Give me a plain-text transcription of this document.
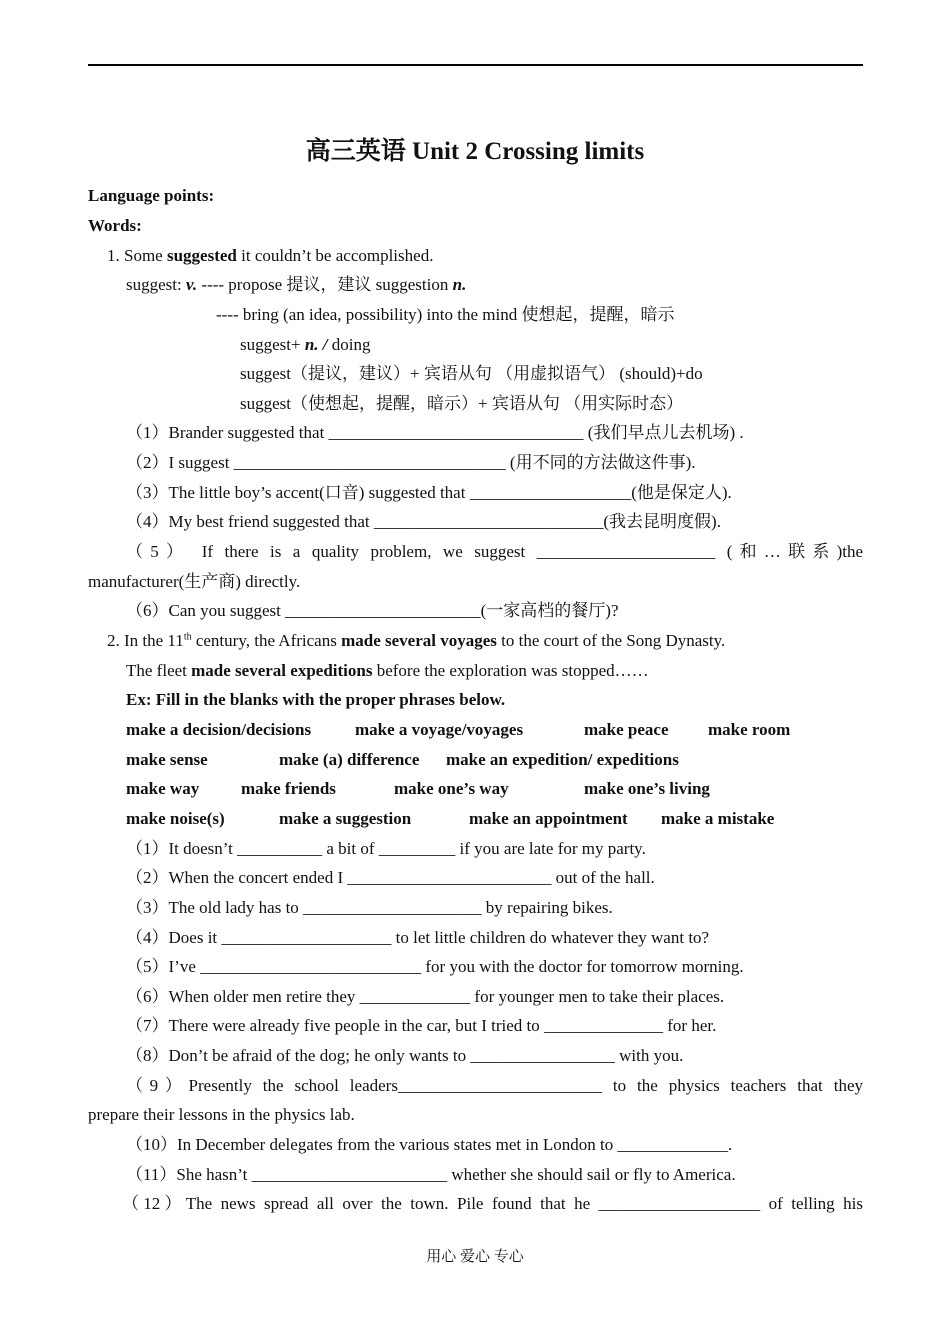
高三英语 Unit 2 Crossing limits
Language points:
Words:
1. Some suggested it couldn’t be accomplished.
suggest: v. ---- propose 提议，建议 suggestion n.
---- bring (an idea, possibility) into the mind 使想起，提醒，暗示
suggest+ n. / doing
suggest（提议，建议）+ 宾语从句 （用虚拟语气） (should)+do
suggest（使想起，提醒，暗示）+ 宾语从句 （用实际时态）
（1）Brander suggested that ______________________________ (我们早点儿去机场) .
（2）I suggest ________________________________ (用不同的方法做这件事).
（3）The little boy’s accent(口音) suggested that ___________________(他是保定人).
（4）My best friend suggested that ___________________________(我去昆明度假).
（5） If there is a quality problem, we suggest _____________________ (和…联系)the
manufacturer(生产商) directly.
（6）Can you suggest _______________________(一家高档的餐厅)?
2. In the 11th century, the Africans made several voyages to the court of the Song Dynasty.
The fleet made several expeditions before the exploration was stopped……
Ex: Fill in the blanks with the proper phrases below.
make a decision/decisions	make a voyage/voyages	make peace make room
make sense	make (a) difference make an expedition/ expeditions
make way make friends	make one’s way	make one’s living
make noise(s)	make a suggestion	make an appointment make a mistake
（1）It doesn’t __________ a bit of _________ if you are late for my party.
（2）When the concert ended I ________________________ out of the hall.
（3）The old lady has to _____________________ by repairing bikes.
（4）Does it ____________________ to let little children do whatever they want to?
（5）I’ve __________________________ for you with the doctor for tomorrow morning.
（6）When older men retire they _____________ for younger men to take their places.
（7）There were already five people in the car, but I tried to ______________ for her.
（8）Don’t be afraid of the dog; he only wants to _________________ with you.
（9）Presently the school leaders________________________ to the physics teachers that they
prepare their lessons in the physics lab.
（10）In December delegates from the various states met in London to _____________.
（11）She hasn’t _______________________ whether she should sail or fly to America.
（12）The news spread all over the town. Pile found that he ___________________ of telling his
用心 爱心 专心
